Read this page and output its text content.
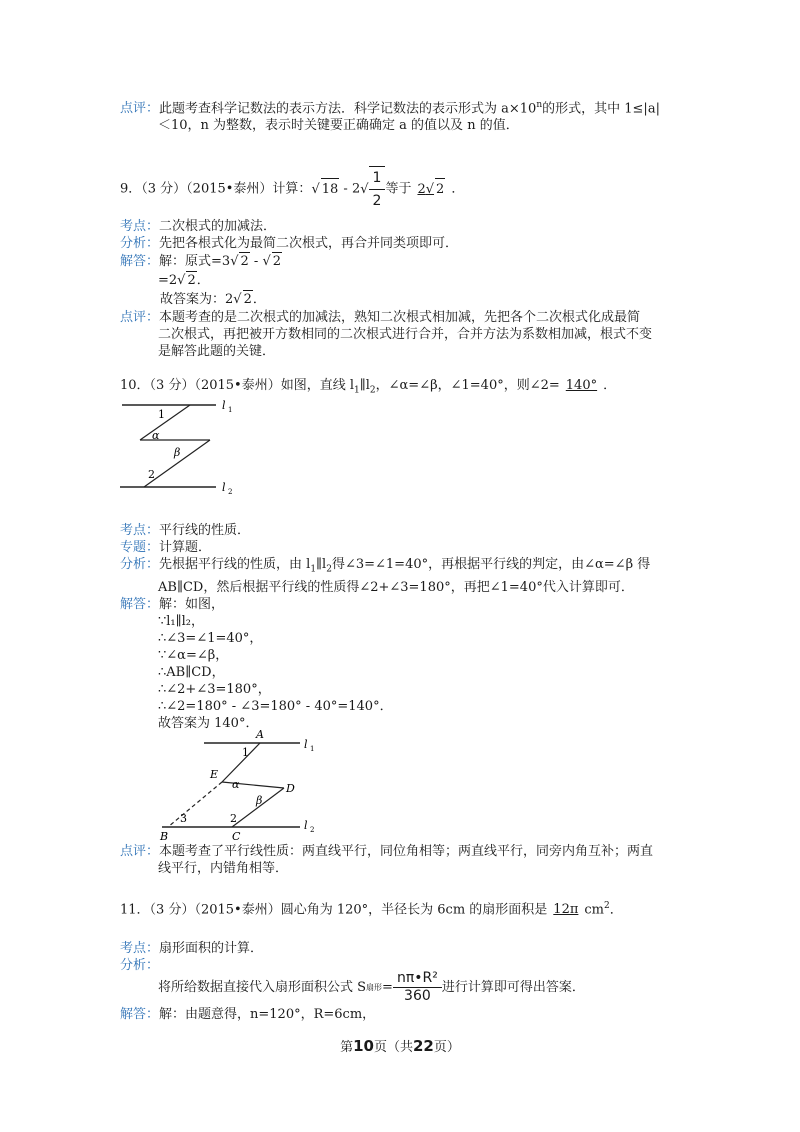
点评： 此题考查科学记数法的表示方法．科学记数法的表示形式为 $a\times 10^n$的形式，其中 1≤|a|
＜10，n 为整数，表示时关键要正确确定 a 的值以及 n 的值．
9．（3 分）（2015•泰州）计算：√ $18 - 2√ \frac{1}{2}$ 等于 2√ 2 ．
考点： 二次根式的加减法．
分析： 先把各根式化为最简二次根式，再合并同类项即可．
解答： 解：原式=3√ 2 - √ 2
=2√ 2．
故答案为：2√ 2．
点评： 本题考查的是二次根式的加减法，熟知二次根式相加减，先把各个二次根式化成最简
二次根式，再把被开方数相同的二次根式进行合并，合并方法为系数相加减，根式不变
是解答此题的关键．
10．（3 分）（2015•泰州）如图，直线 $l_1\parallel l_2$，∠α=∠β，∠1=40°，则∠2= 140° ．
1
α
β
2
l 1
l 2
考点： 平行线的性质．
专题： 计算题．
分析： 先根据平行线的性质，由 $l_1\parallel l_2$得∠3=∠1=40°，再根据平行线的判定，由∠α=∠β 得
AB∥CD，然后根据平行线的性质得∠2+∠3=180°，再把∠1=40°代入计算即可．
解答： 解：如图，
∵l₁∥l₂，
∴∠3=∠1=40°，
∵∠α=∠β，
∴AB∥CD，
∴∠2+∠3=180°，
∴∠2=180° - ∠3=180° - 40°=140°．
故答案为 140°．
A
B	C
D
E
1
2
3
α
β
l 1
l 2
点评： 本题考查了平行线性质：两直线平行，同位角相等；两直线平行，同旁内角互补；两直
线平行，内错角相等．
11．（3 分）（2015•泰州）圆心角为 120°，半径长为 6cm 的扇形面积是 12π $cm^2$．
考点： 扇形面积的计算．
分析：
将所给数据直接代入扇形面积公式 S 扇形 = $\frac{\text{nπ•R²}}{360}$ 进行计算即可得出答案．
解答： 解：由题意得，n=120°，R=6cm，
第10页（共22页）
